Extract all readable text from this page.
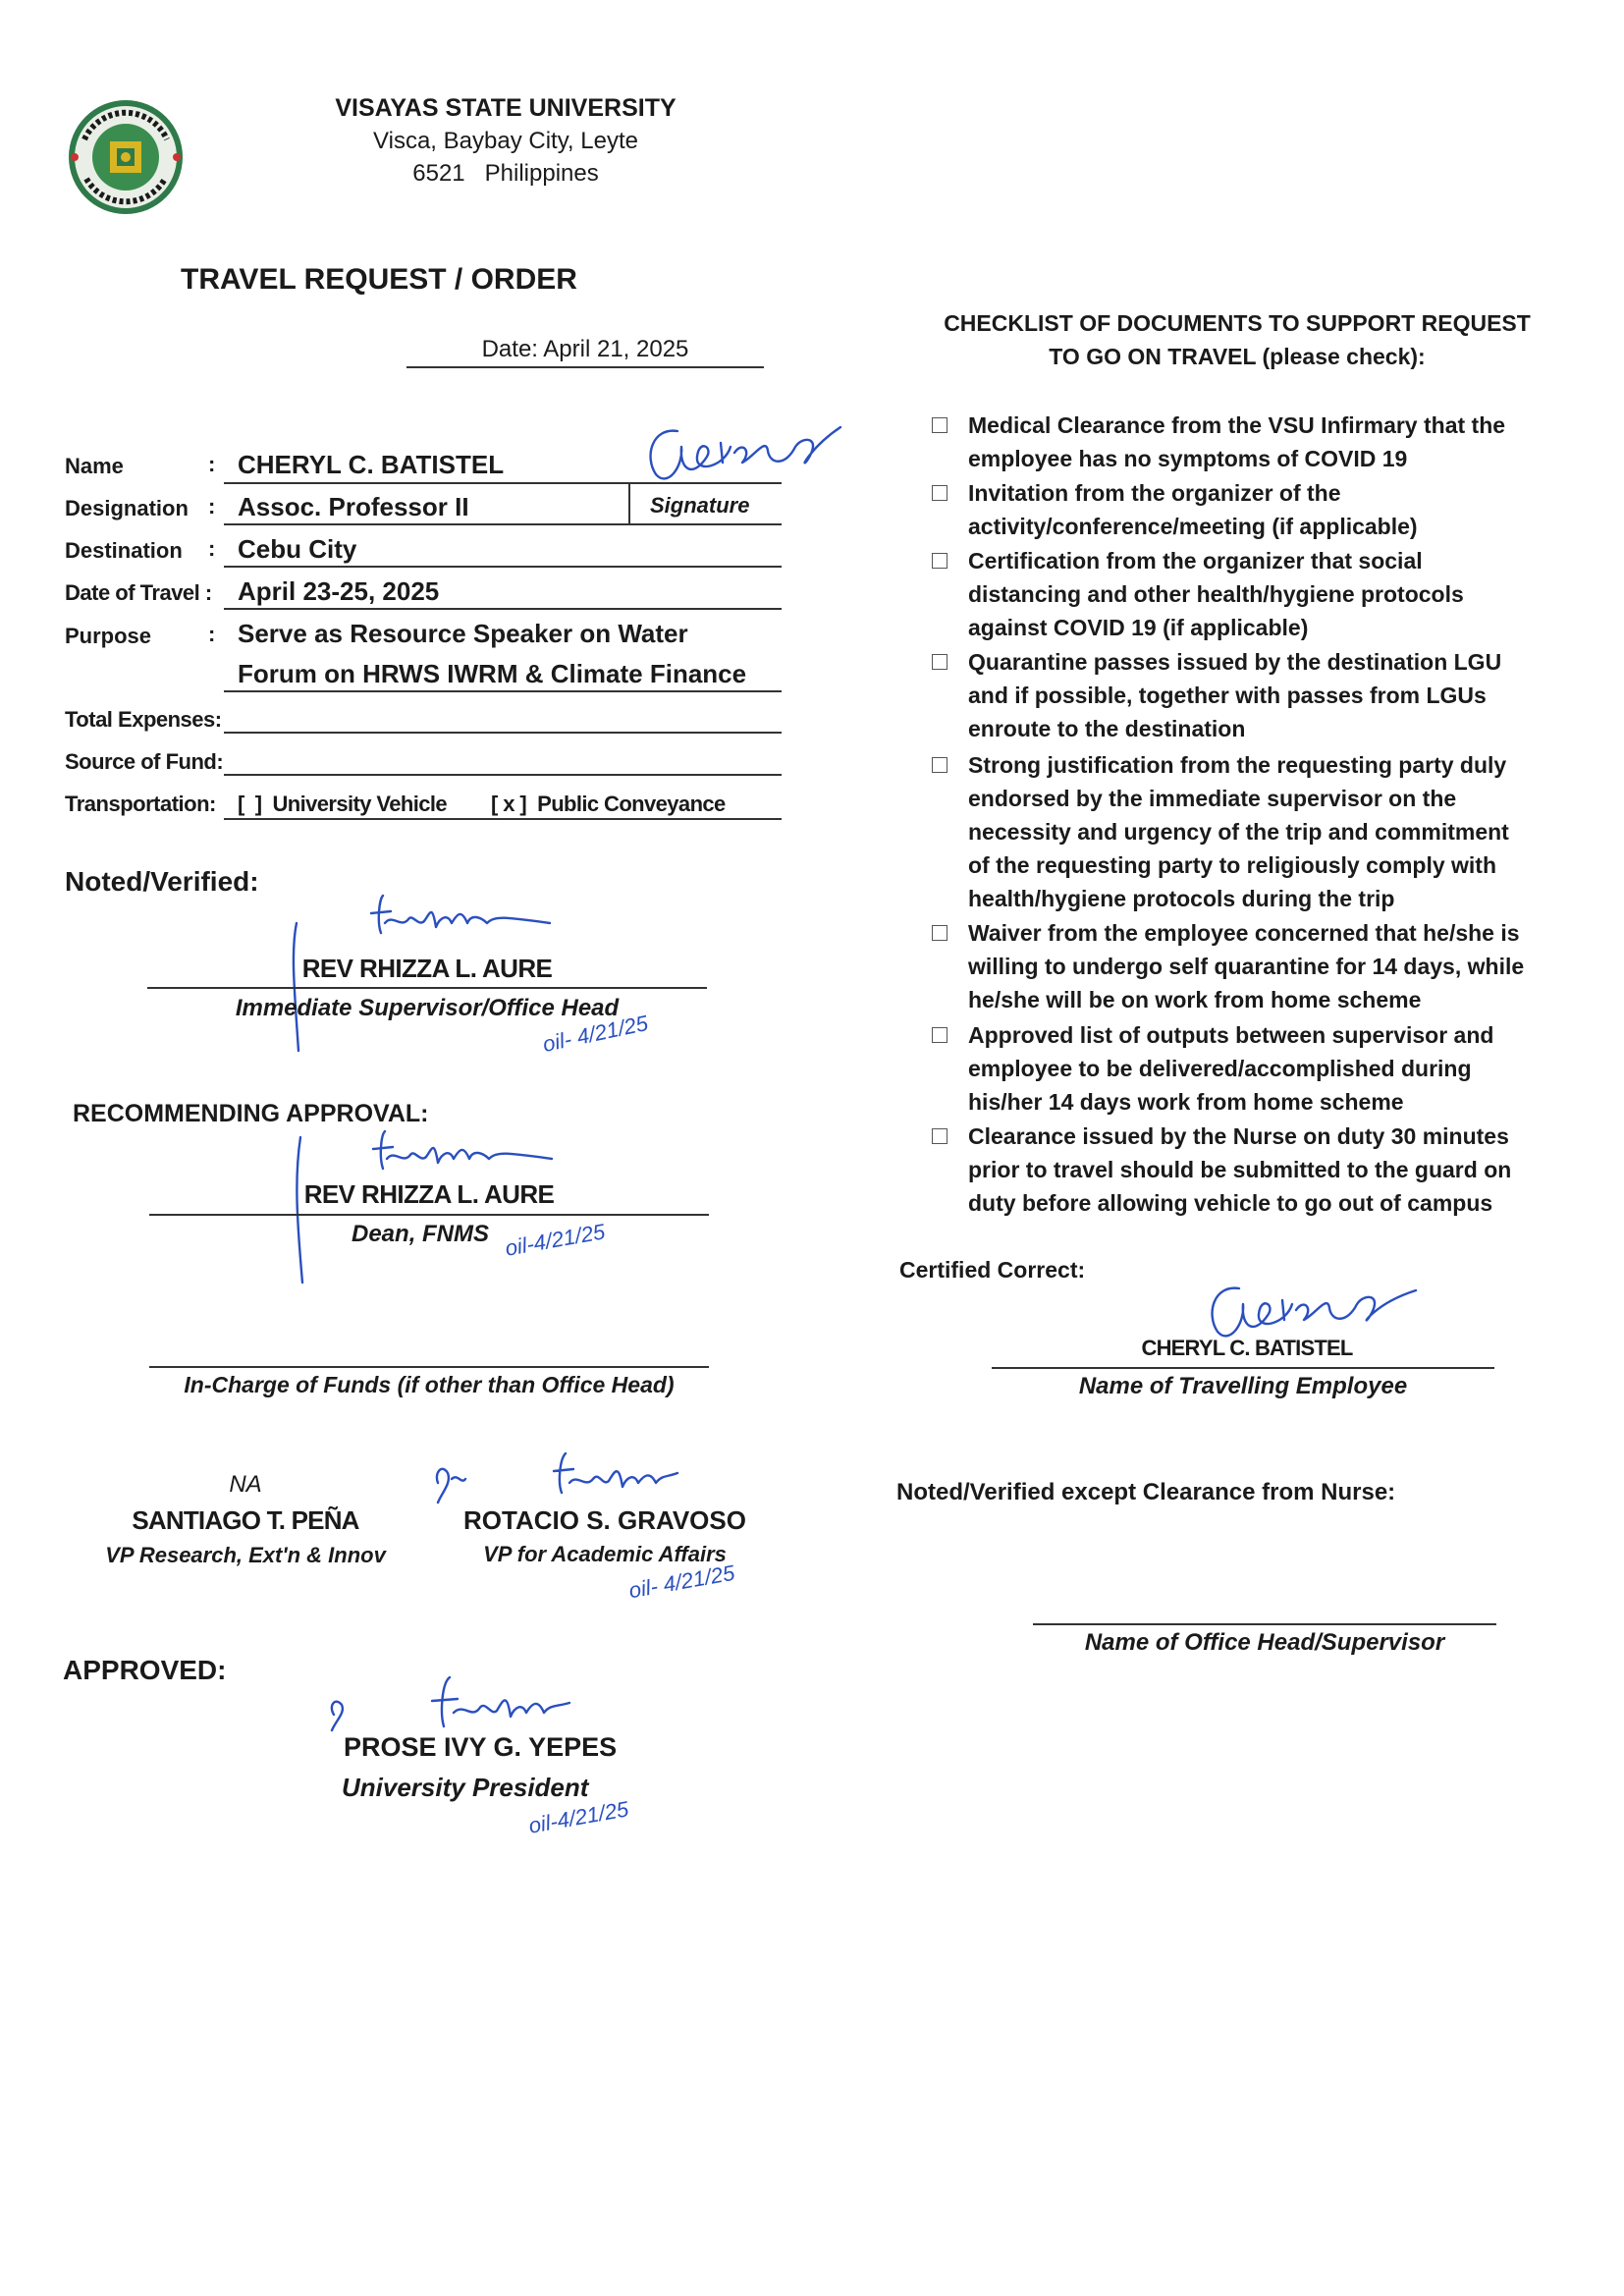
VISAYAS STATE UNIVERSITY
Visca, Baybay City, Leyte
6521   Philippines
TRAVEL REQUEST / ORDER
Date: April 21, 2025
Name	: CHERYL C. BATISTEL
Designation : Assoc. Professor II	Signature
Destination : Cebu City
Date of Travel : April 23-25, 2025
Purpose	: Serve as Resource Speaker on Water
Forum on HRWS IWRM & Climate Finance
Total Expenses:
Source of Fund:
Transportation: [  ]  University Vehicle [ x ]  Public Conveyance
Noted/Verified:
REV RHIZZA L. AURE
Immediate Supervisor/Office Head
oil- 4/21/25
RECOMMENDING APPROVAL:
REV RHIZZA L. AURE
Dean, FNMS oil-4/21/25
In-Charge of Funds (if other than Office Head)
NA
SANTIAGO T. PEÑA
VP Research, Ext'n & Innov
ROTACIO S. GRAVOSO
VP for Academic Affairs
oil- 4/21/25
APPROVED:
PROSE IVY G. YEPES
University President
oil-4/21/25
CHECKLIST OF DOCUMENTS TO SUPPORT REQUEST
TO GO ON TRAVEL (please check):
Medical Clearance from the VSU Infirmary that the
employee has no symptoms of COVID 19
Invitation from the organizer of the
activity/conference/meeting (if applicable)
Certification from the organizer that social
distancing and other health/hygiene protocols
against COVID 19 (if applicable)
Quarantine passes issued by the destination LGU
and if possible, together with passes from LGUs
enroute to the destination
Strong justification from the requesting party duly
endorsed by the immediate supervisor on the
necessity and urgency of the trip and commitment
of the requesting party to religiously comply with
health/hygiene protocols during the trip
Waiver from the employee concerned that he/she is
willing to undergo self quarantine for 14 days, while
he/she will be on work from home scheme
Approved list of outputs between supervisor and
employee to be delivered/accomplished during
his/her 14 days work from home scheme
Clearance issued by the Nurse on duty 30 minutes
prior to travel should be submitted to the guard on
duty before allowing vehicle to go out of campus
Certified Correct:
CHERYL C. BATISTEL
Name of Travelling Employee
Noted/Verified except Clearance from Nurse:
Name of Office Head/Supervisor
